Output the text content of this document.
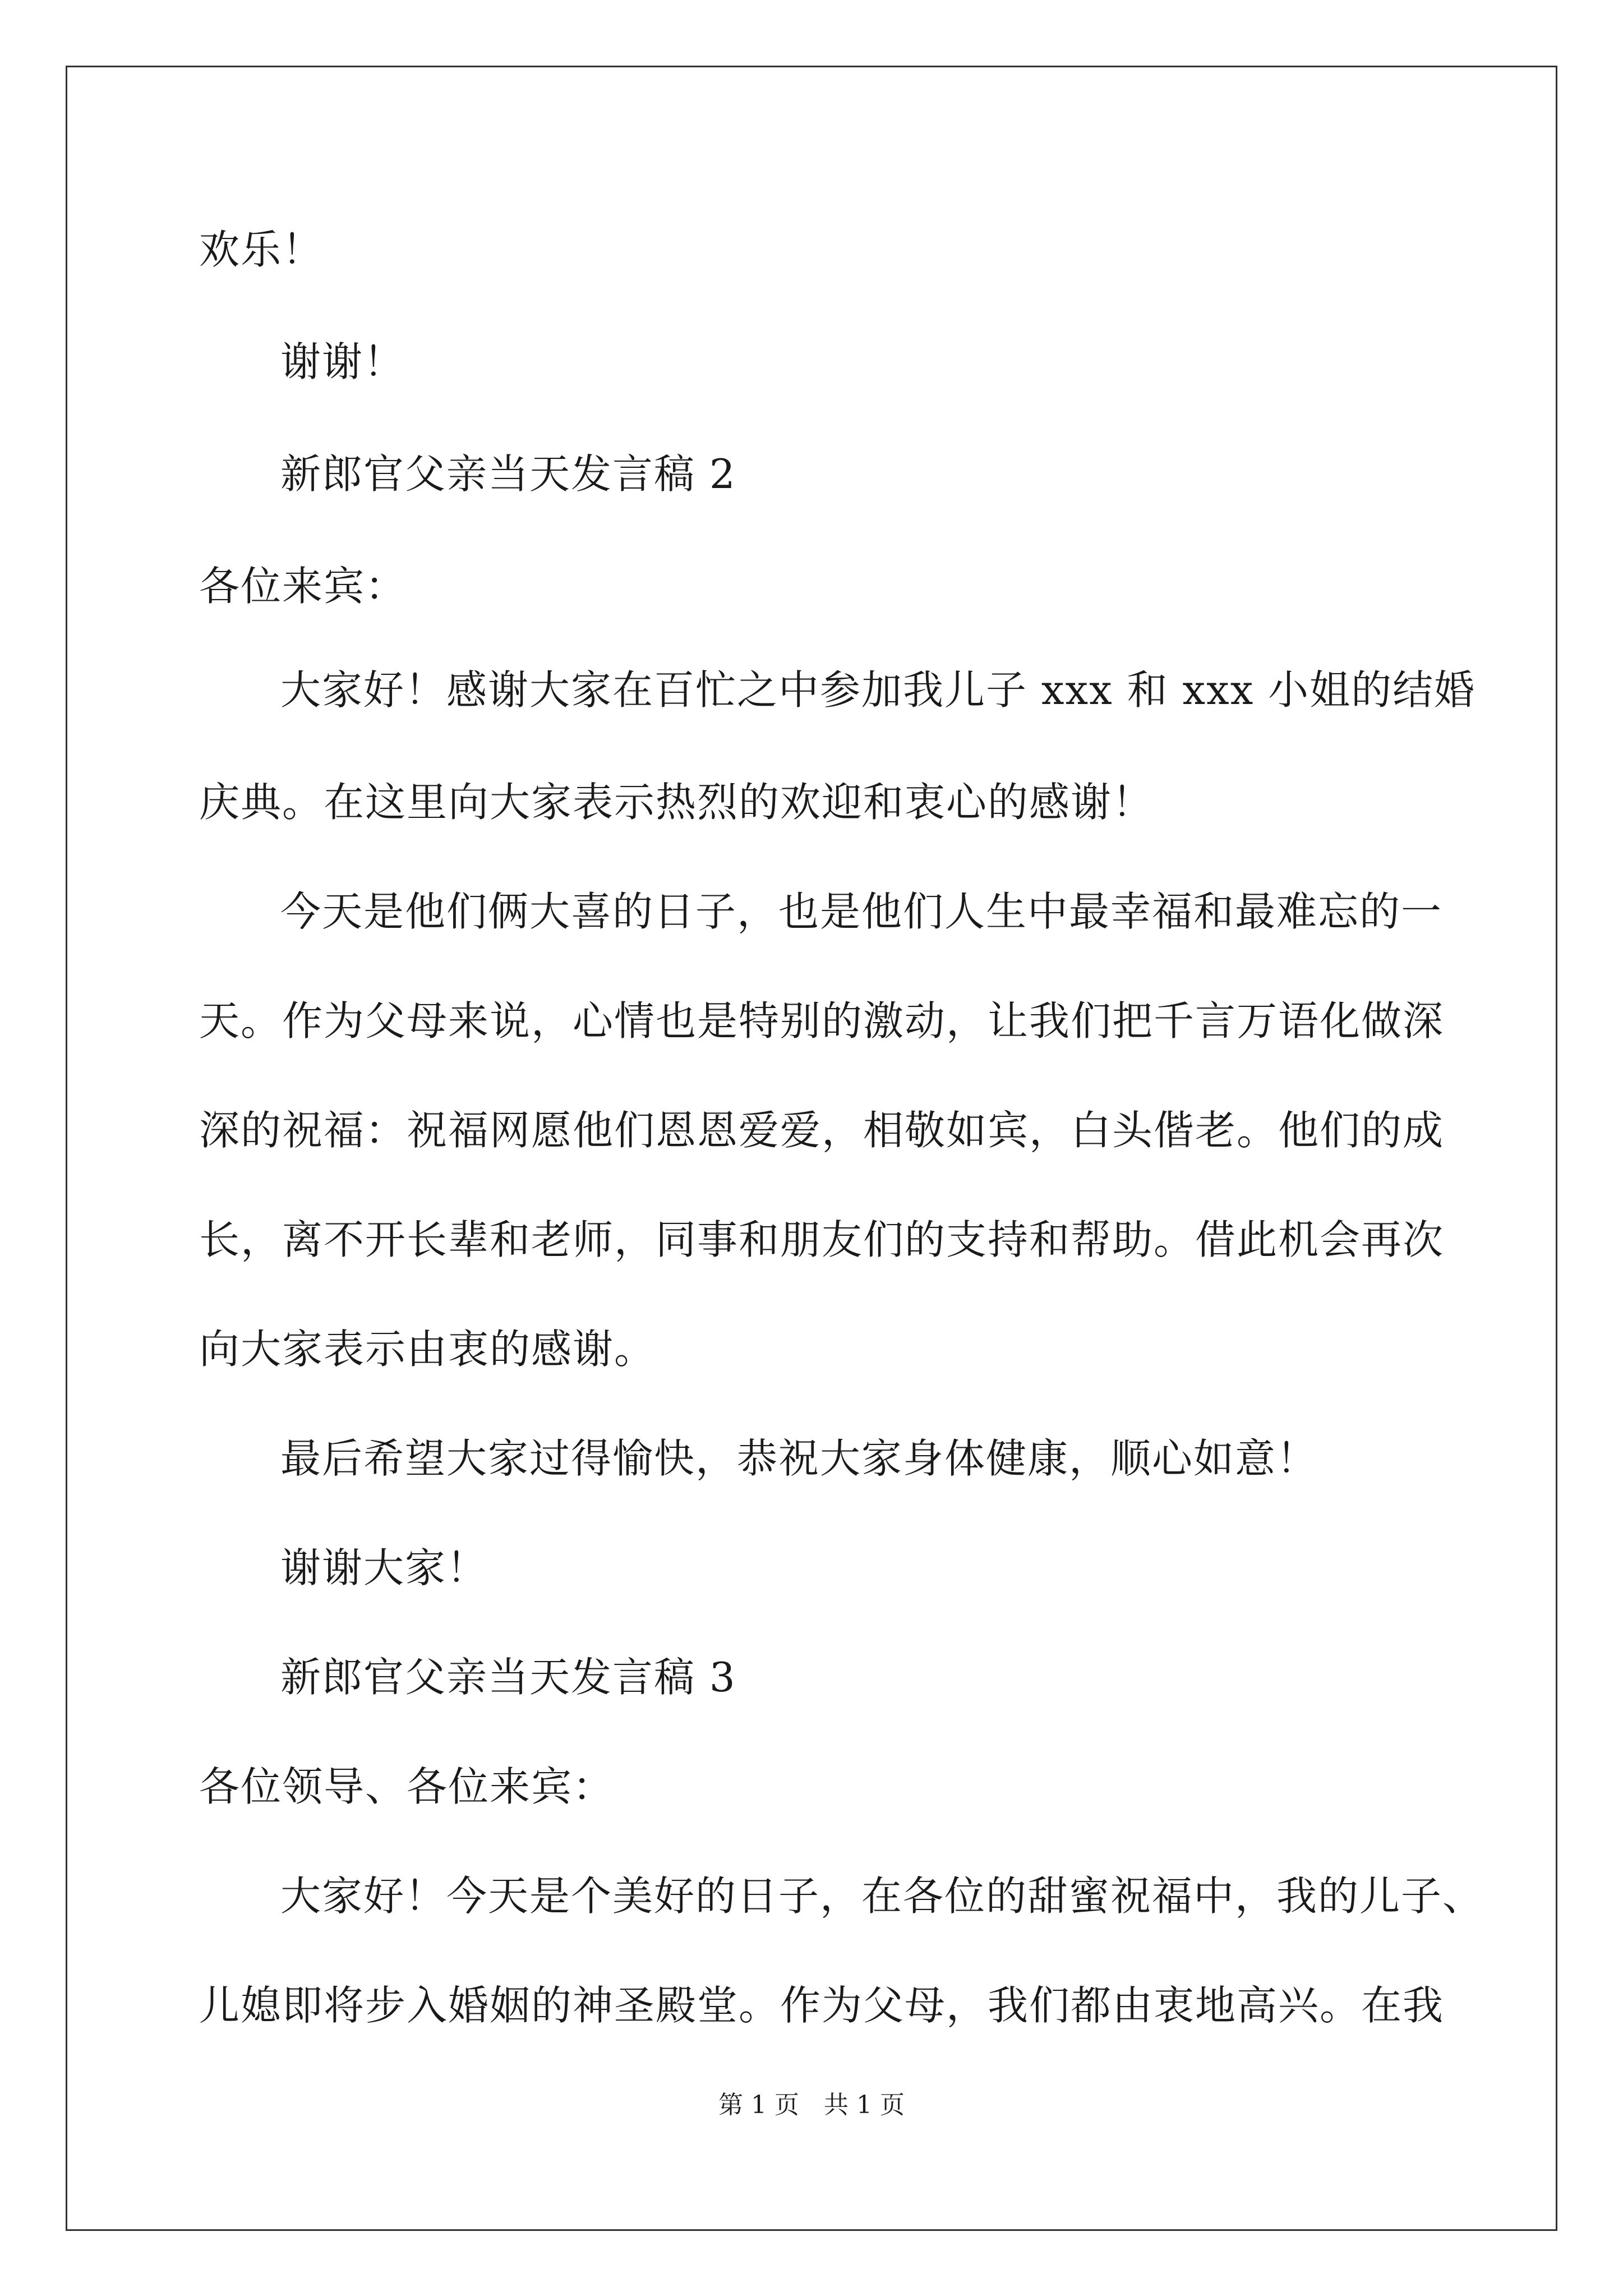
欢乐！

谢谢！

新郎官父亲当天发言稿 2

各位来宾：

大家好！感谢大家在百忙之中参加我儿子 xxx 和 xxx 小姐的结婚

庆典。在这里向大家表示热烈的欢迎和衷心的感谢！

今天是他们俩大喜的日子，也是他们人生中最幸福和最难忘的一

天。作为父母来说，心情也是特别的激动，让我们把千言万语化做深

深的祝福：祝福网愿他们恩恩爱爱，相敬如宾，白头偕老。他们的成

长，离不开长辈和老师，同事和朋友们的支持和帮助。借此机会再次

向大家表示由衷的感谢。

最后希望大家过得愉快，恭祝大家身体健康，顺心如意！

谢谢大家！

新郎官父亲当天发言稿 3

各位领导、各位来宾：

大家好！今天是个美好的日子，在各位的甜蜜祝福中，我的儿子、

儿媳即将步入婚姻的神圣殿堂。作为父母，我们都由衷地高兴。在我

第 1 页　共 1 页
